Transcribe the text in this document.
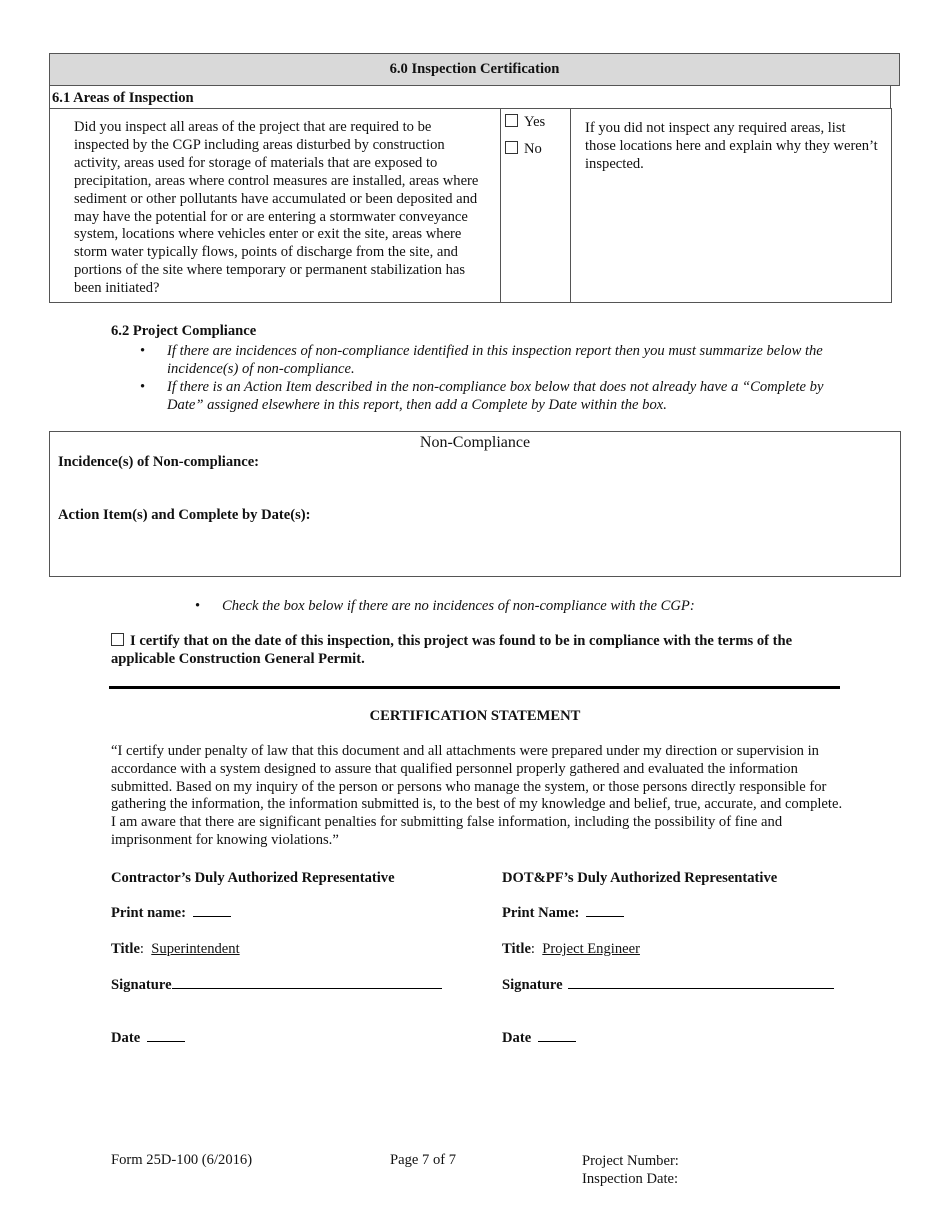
6.0 Inspection Certification
6.1 Areas of Inspection
Did you inspect all areas of the project that are required to be inspected by the CGP including areas disturbed by construction activity, areas used for storage of materials that are exposed to precipitation, areas where control measures are installed, areas where sediment or other pollutants have accumulated or been deposited and may have the potential for or are entering a stormwater conveyance system, locations where vehicles enter or exit the site, areas where storm water typically flows, points of discharge from the site, and portions of the site where temporary or permanent stabilization has been initiated?
Yes
No
If you did not inspect any required areas, list those locations here and explain why they weren’t inspected.
6.2 Project Compliance
• If there are incidences of non-compliance identified in this inspection report then you must summarize below the incidence(s) of non-compliance.
• If there is an Action Item described in the non-compliance box below that does not already have a “Complete by Date” assigned elsewhere in this report, then add a Complete by Date within the box.
Non-Compliance
Incidence(s) of Non-compliance:
Action Item(s) and Complete by Date(s):
• Check the box below if there are no incidences of non-compliance with the CGP:
I certify that on the date of this inspection, this project was found to be in compliance with the terms of the applicable Construction General Permit.
CERTIFICATION STATEMENT
“I certify under penalty of law that this document and all attachments were prepared under my direction or supervision in accordance with a system designed to assure that qualified personnel properly gathered and evaluated the information submitted. Based on my inquiry of the person or persons who manage the system, or those persons directly responsible for gathering the information, the information submitted is, to the best of my knowledge and belief, true, accurate, and complete. I am aware that there are significant penalties for submitting false information, including the possibility of fine and imprisonment for knowing violations.”
Contractor’s Duly Authorized Representative
Print name:
Title:  Superintendent
Signature
Date
DOT&PF’s Duly Authorized Representative
Print Name:
Title:  Project Engineer
Signature
Date
Form 25D-100 (6/2016)	Page 7 of 7	Project Number:
Inspection Date:
